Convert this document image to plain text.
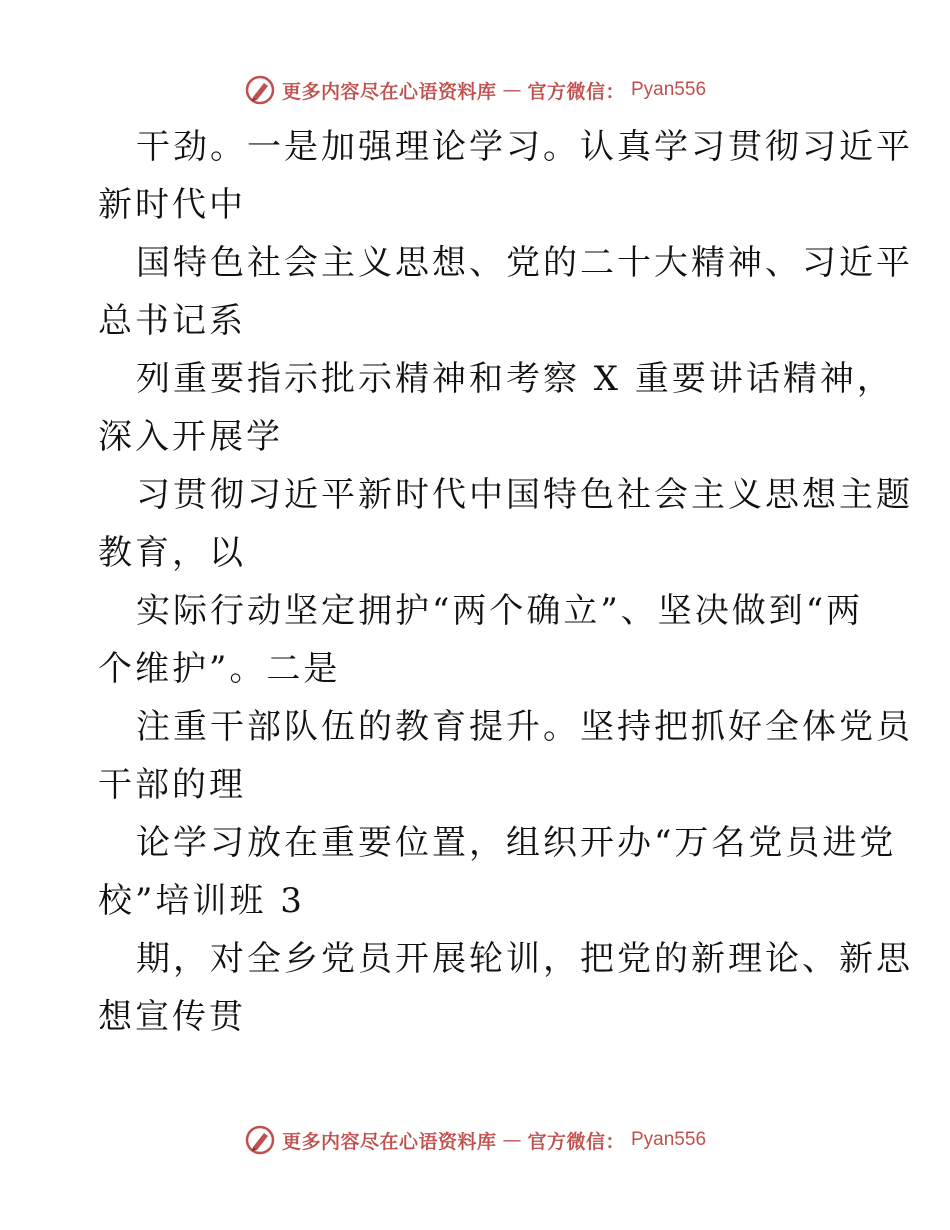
更多内容尽在心语资料库 — 官方微信： Pyan556
干劲。一是加强理论学习。认真学习贯彻习近平
新时代中
国特色社会主义思想、党的二十大精神、习近平
总书记系
列重要指示批示精神和考察 X 重要讲话精神，
深入开展学
习贯彻习近平新时代中国特色社会主义思想主题
教育，以
实际行动坚定拥护“两个确立”、坚决做到“两
个维护”。二是
注重干部队伍的教育提升。坚持把抓好全体党员
干部的理
论学习放在重要位置，组织开办“万名党员进党
校”培训班 3
期，对全乡党员开展轮训，把党的新理论、新思
想宣传贯
更多内容尽在心语资料库 — 官方微信： Pyan556
